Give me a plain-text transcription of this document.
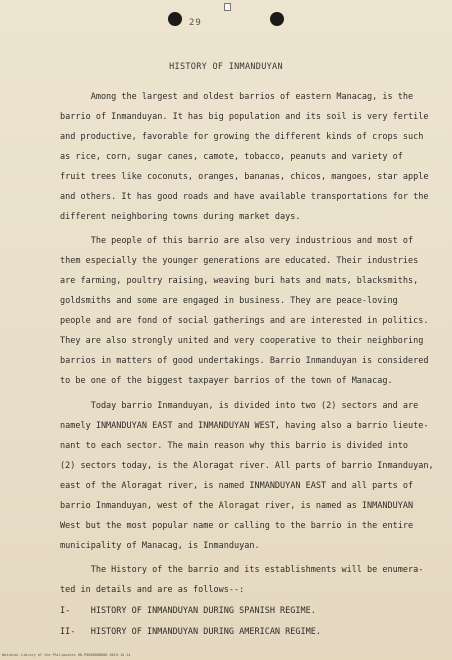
29
HISTORY OF INMANDUYAN
Among the largest and oldest barrios of eastern Manacag, is the
barrio of Inmanduyan. It has big population and its soil is very fertile
and productive, favorable for growing the different kinds of crops such
as rice, corn, sugar canes, camote, tobacco, peanuts and variety of
fruit trees like coconuts, oranges, bananas, chicos, mangoes, star apple
and others. It has good roads and have available transportations for the
different neighboring towns during market days.
The people of this barrio are also very industrious and most of
them especially the younger generations are educated. Their industries
are farming, poultry raising, weaving buri hats and mats, blacksmiths,
goldsmiths and some are engaged in business. They are peace-loving
people and are fond of social gatherings and are interested in politics.
They are also strongly united and very cooperative to their neighboring
barrios in matters of good undertakings. Barrio Inmanduyan is considered
to be one of the biggest taxpayer barrios of the town of Manacag.
Today barrio Inmanduyan, is divided into two (2) sectors and are
namely INMANDUYAN EAST and INMANDUYAN WEST, having also a barrio lieute-
nant to each sector. The main reason why this barrio is divided into
(2) sectors today, is the Aloragat river. All parts of barrio Inmanduyan,
east of the Aloragat river, is named INMANDUYAN EAST and all parts of
barrio Inmanduyan, west of the Aloragat river, is named as INMANDUYAN
West but the most popular name or calling to the barrio in the entire
municipality of Manacag, is Inmanduyan.
The History of the barrio and its establishments will be enumera-
ted in details and are as follows--:
I-    HISTORY OF INMANDUYAN DURING SPANISH REGIME.
II-   HISTORY OF INMANDUYAN DURING AMERICAN REGIME.
National Library of the Philippines HD.P0008888888 0019.10.14
